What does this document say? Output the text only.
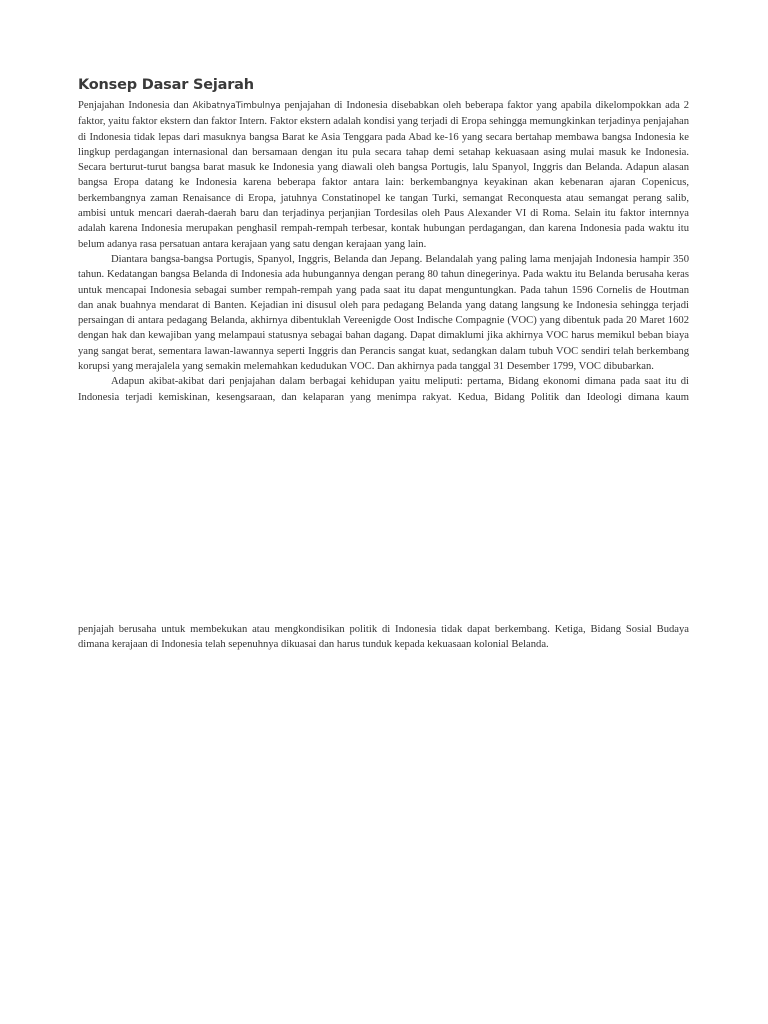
Konsep Dasar Sejarah

Penjajahan Indonesia dan AkibatnyaTimbulnya penjajahan di Indonesia disebabkan oleh beberapa faktor yang apabila dikelompokkan ada 2 faktor, yaitu faktor ekstern dan faktor Intern. Faktor ekstern adalah kondisi yang terjadi di Eropa sehingga memungkinkan terjadinya penjajahan di Indonesia tidak lepas dari masuknya bangsa Barat ke Asia Tenggara pada Abad ke-16 yang secara bertahap membawa bangsa Indonesia ke lingkup perdagangan internasional dan bersamaan dengan itu pula secara tahap demi setahap kekuasaan asing mulai masuk ke Indonesia. Secara berturut-turut bangsa barat masuk ke Indonesia yang diawali oleh bangsa Portugis, lalu Spanyol, Inggris dan Belanda. Adapun alasan bangsa Eropa datang ke Indonesia karena beberapa faktor antara lain: berkembangnya keyakinan akan kebenaran ajaran Copenicus, berkembangnya zaman Renaisance di Eropa, jatuhnya Constatinopel ke tangan Turki, semangat Reconquesta atau semangat perang salib, ambisi untuk mencari daerah-daerah baru dan terjadinya perjanjian Tordesilas oleh Paus Alexander VI di Roma. Selain itu faktor internnya adalah karena Indonesia merupakan penghasil rempah-rempah terbesar, kontak hubungan perdagangan, dan karena Indonesia pada waktu itu belum adanya rasa persatuan antara kerajaan yang satu dengan kerajaan yang lain.

Diantara bangsa-bangsa Portugis, Spanyol, Inggris, Belanda dan Jepang. Belandalah yang paling lama menjajah Indonesia hampir 350 tahun. Kedatangan bangsa Belanda di Indonesia ada hubungannya dengan perang 80 tahun dinegerinya. Pada waktu itu Belanda berusaha keras untuk mencapai Indonesia sebagai sumber rempah-rempah yang pada saat itu dapat menguntungkan. Pada tahun 1596 Cornelis de Houtman dan anak buahnya mendarat di Banten. Kejadian ini disusul oleh para pedagang Belanda yang datang langsung ke Indonesia sehingga terjadi persaingan di antara pedagang Belanda, akhirnya dibentuklah Vereenigde Oost Indische Compagnie (VOC) yang dibentuk pada 20 Maret 1602 dengan hak dan kewajiban yang melampaui statusnya sebagai bahan dagang. Dapat dimaklumi jika akhirnya VOC harus memikul beban biaya yang sangat berat, sementara lawan-lawannya seperti Inggris dan Perancis sangat kuat, sedangkan dalam tubuh VOC sendiri telah berkembang korupsi yang merajalela yang semakin melemahkan kedudukan VOC. Dan akhirnya pada tanggal 31 Desember 1799, VOC dibubarkan.

Adapun akibat-akibat dari penjajahan dalam berbagai kehidupan yaitu meliputi: pertama, Bidang ekonomi dimana pada saat itu di Indonesia terjadi kemiskinan, kesengsaraan, dan kelaparan yang menimpa rakyat. Kedua, Bidang Politik dan Ideologi dimana kaum

penjajah berusaha untuk membekukan atau mengkondisikan politik di Indonesia tidak dapat berkembang. Ketiga, Bidang Sosial Budaya dimana kerajaan di Indonesia telah sepenuhnya dikuasai dan harus tunduk kepada kekuasaan kolonial Belanda.
